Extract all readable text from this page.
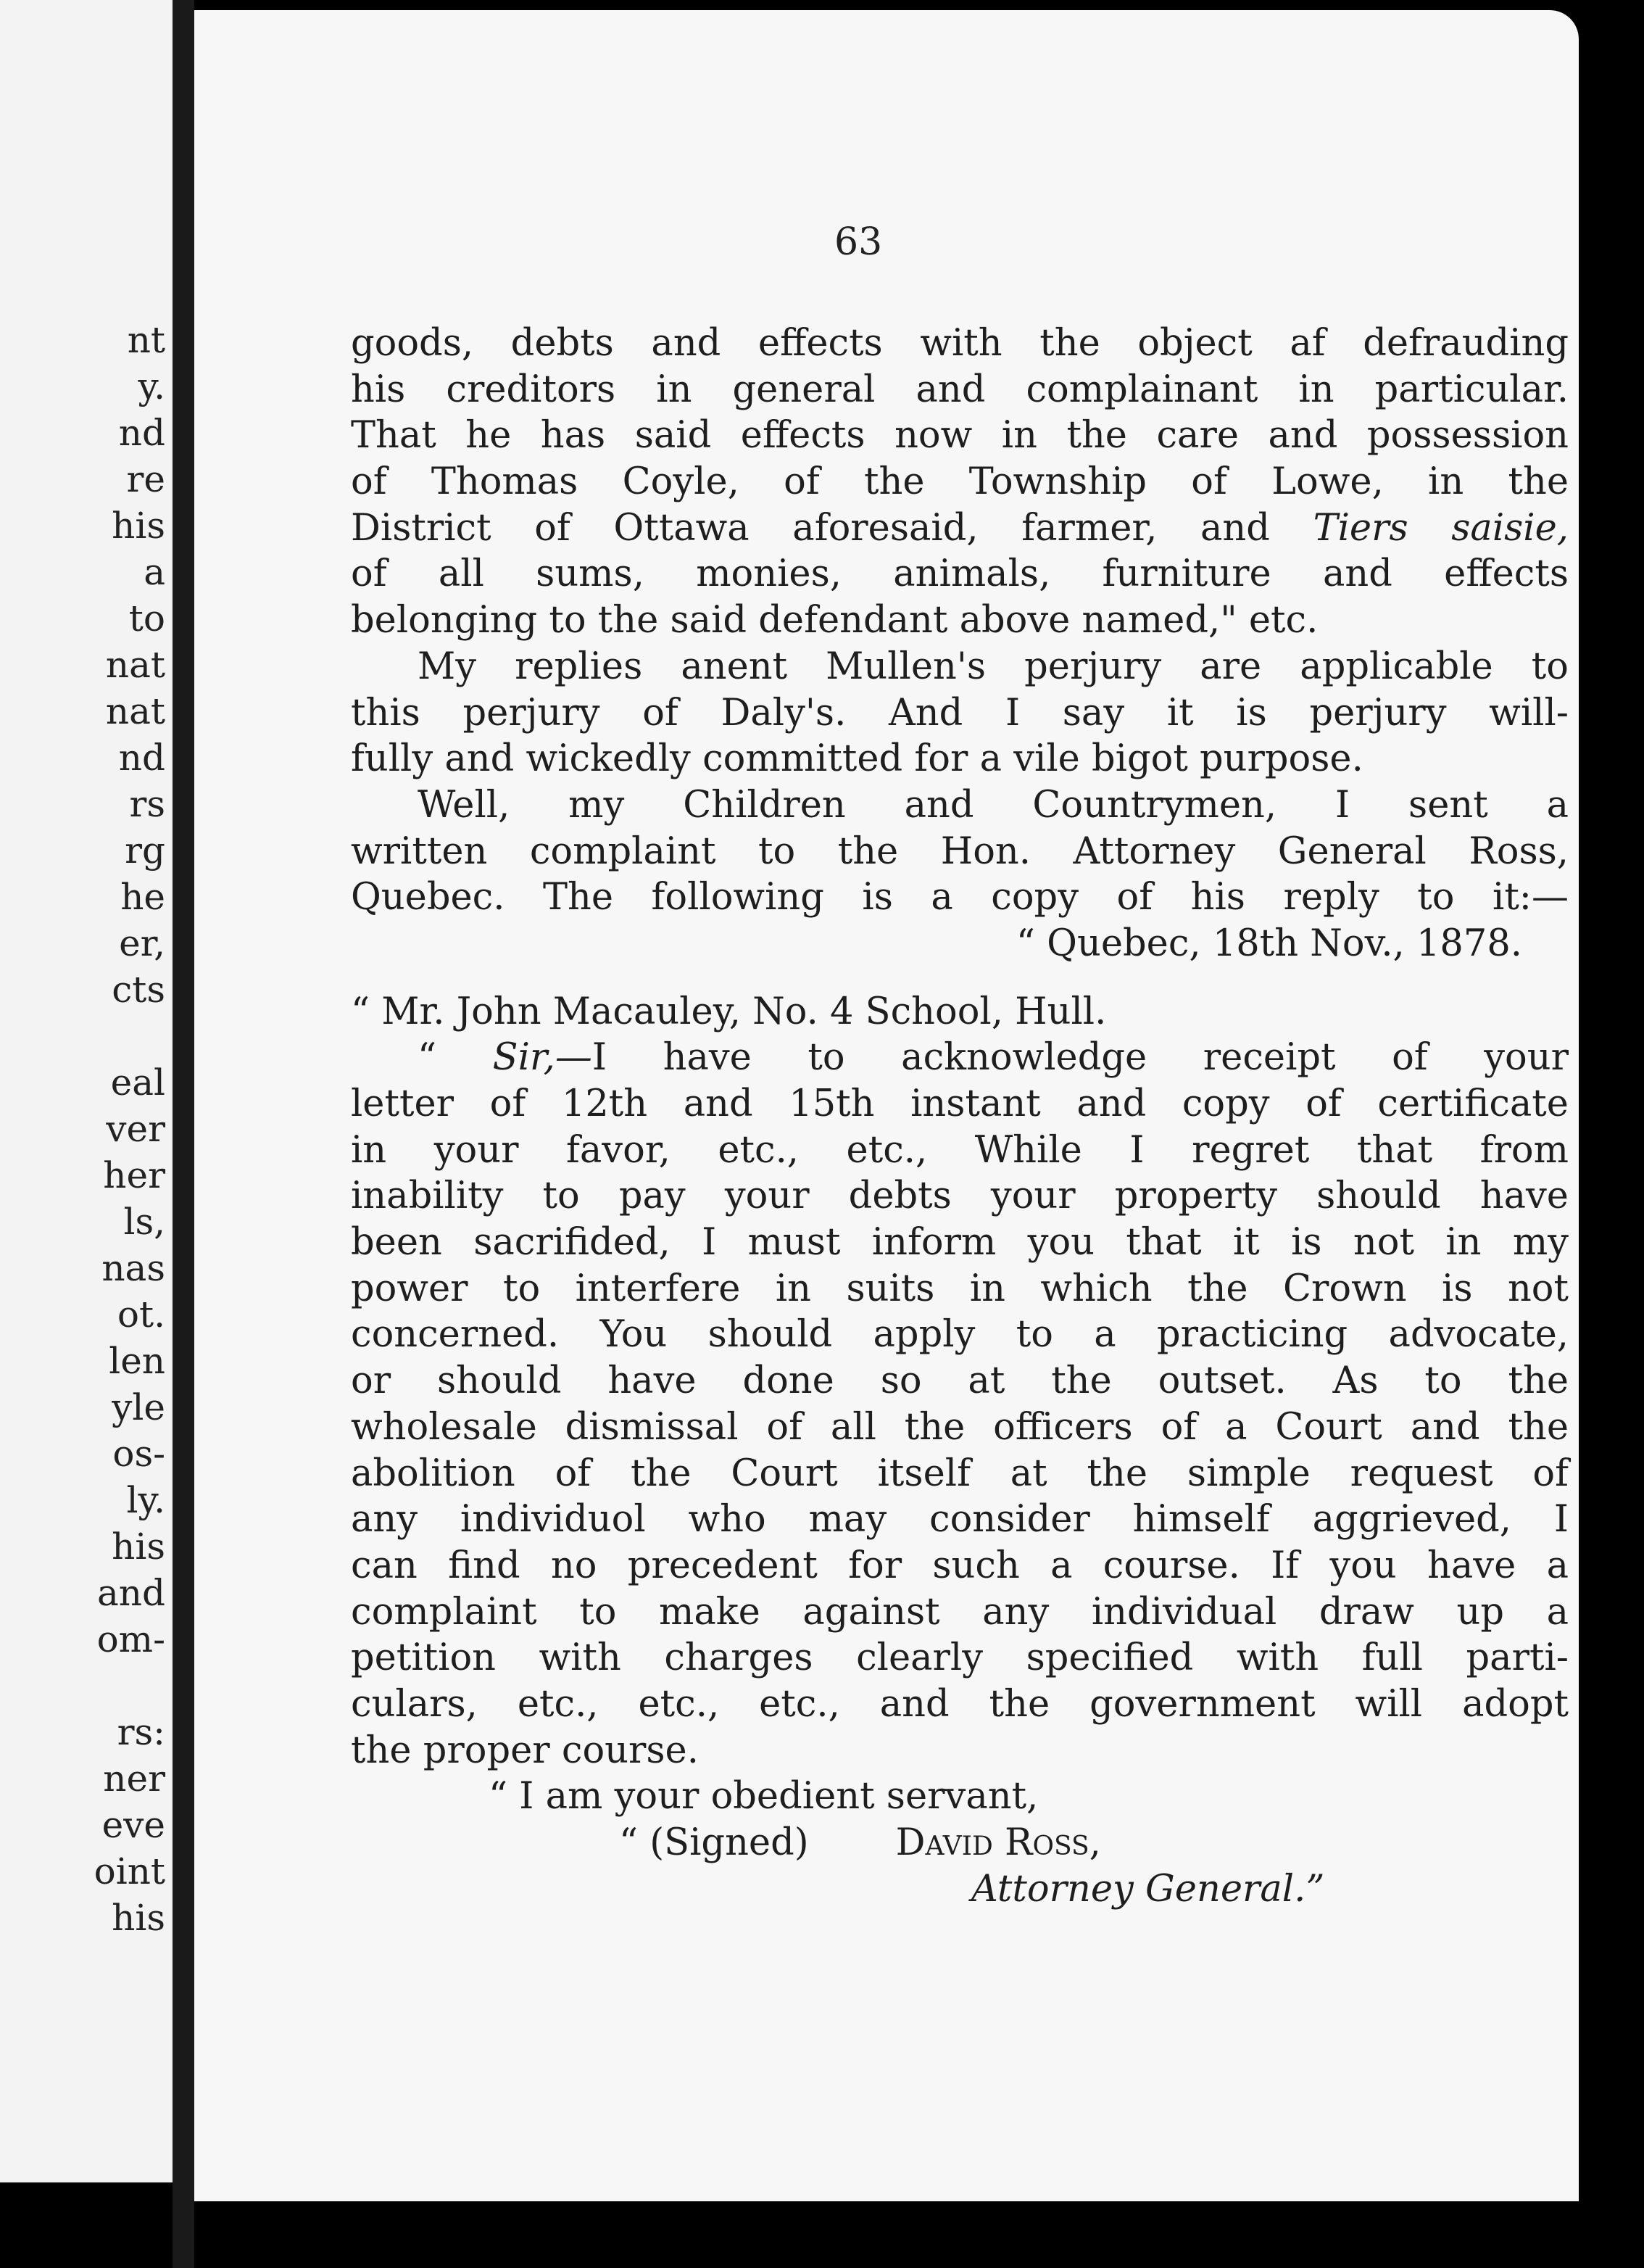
nt
y.
nd
re
his
a
to
nat
nat
nd
rs
rg
he
er,
cts
eal
ver
her
ls,
nas
ot.
len
yle
os-
ly.
his
and
om-
rs:
ner
eve
oint
his
63
goods, debts and effects with the object af defrauding
his creditors in general and complainant in particular.
That he has said effects now in the care and possession
of Thomas Coyle, of the Township of Lowe, in the
District of Ottawa aforesaid, farmer, and Tiers saisie,
of all sums, monies, animals, furniture and effects
belonging to the said defendant above named," etc.
My replies anent Mullen's perjury are applicable to
this perjury of Daly's. And I say it is perjury will-
fully and wickedly committed for a vile bigot purpose.
Well, my Children and Countrymen, I sent a
written complaint to the Hon. Attorney General Ross,
Quebec. The following is a copy of his reply to it:—
“ Quebec, 18th Nov., 1878.
“ Mr. John Macauley, No. 4 School, Hull.
“ Sir,—I have to acknowledge receipt of your
letter of 12th and 15th instant and copy of certificate
in your favor, etc., etc., While I regret that from
inability to pay your debts your property should have
been sacrifided, I must inform you that it is not in my
power to interfere in suits in which the Crown is not
concerned. You should apply to a practicing advocate,
or should have done so at the outset. As to the
wholesale dismissal of all the officers of a Court and the
abolition of the Court itself at the simple request of
any individuol who may consider himself aggrieved, I
can find no precedent for such a course. If you have a
complaint to make against any individual draw up a
petition with charges clearly specified with full parti-
culars, etc., etc., etc., and the government will adopt
the proper course.
“ I am your obedient servant,
“ (Signed) David Ross,
Attorney General.”
